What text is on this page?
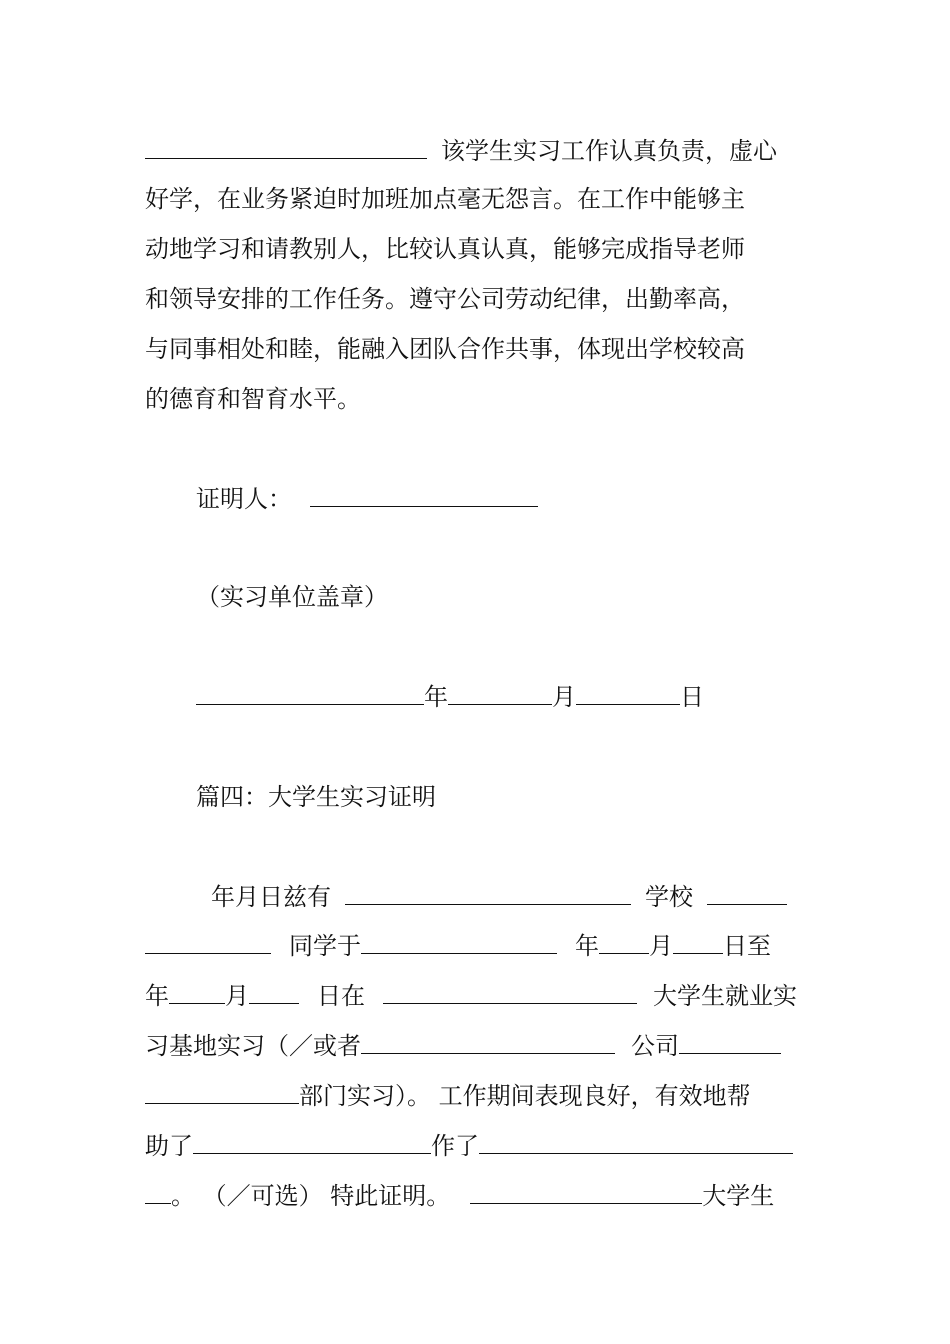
该学生实习工作认真负责，虚心
好学，在业务紧迫时加班加点毫无怨言。在工作中能够主
动地学习和请教别人，比较认真认真，能够完成指导老师
和领导安排的工作任务。遵守公司劳动纪律，出勤率高，
与同事相处和睦，能融入团队合作共事，体现出学校较高
的德育和智育水平。
证明人：
（实习单位盖章）
年	月	日
篇四：大学生实习证明
年月日兹有	学校
同学于	年 月 日至
年 月	日在	大学生就业实
习基地实习（／或者	公司
部门实习）。 工作期间表现良好，有效地帮
助了	作了
。 （／可选） 特此证明。	大学生
